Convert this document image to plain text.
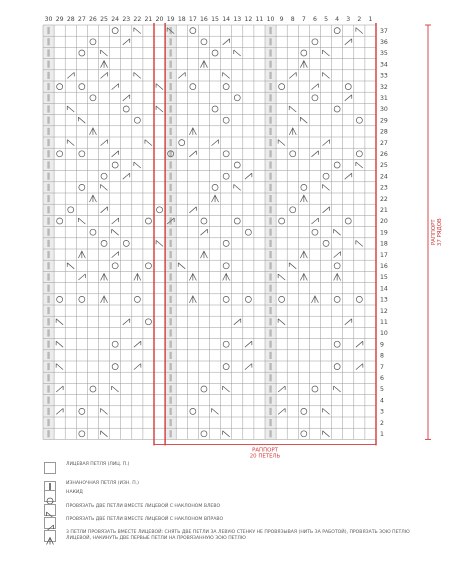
30 29 28 27 26 25 24 23 22 21 20 19 18 17 16 15 14 13 12 11 10 9 8 7 6 5 4 3 2 1
37
36
35
34
33
32
31
30
29
28
27
26
25
24
23
22
21
20
19
18
17
16
15
14
13
12
11
10
9
8
7
6
5
4
3
2
1
РАППОРТ 37 РЯДОВ
РАППОРТ
20 ПЕТЕЛЬ
ЛИЦЕВАЯ ПЕТЛЯ (ЛИЦ. П.)
ИЗНАНОЧНАЯ ПЕТЛЯ (ИЗН. П.)
НАКИД
ПРОВЯЗАТЬ ДВЕ ПЕТЛИ ВМЕСТЕ ЛИЦЕВОЙ С НАКЛОНОМ ВЛЕВО
ПРОВЯЗАТЬ ДВЕ ПЕТЛИ ВМЕСТЕ ЛИЦЕВОЙ С НАКЛОНОМ ВПРАВО
3 ПЕТЛИ ПРОВЯЗАТЬ ВМЕСТЕ ЛИЦЕВОЙ: СНЯТЬ ДВЕ ПЕТЛИ ЗА ЛЕВУЮ СТЕНКУ НЕ ПРОВЯЗЫВАЯ (НИТЬ ЗА РАБОТОЙ), ПРОВЯЗАТЬ ЗОЮ ПЕТЛЮ ЛИЦЕВОЙ, НАКИНУТЬ ДВЕ ПЕРВЫЕ ПЕТЛИ НА ПРОВЯЗАННУЮ ЗОЮ ПЕТЛЮ
